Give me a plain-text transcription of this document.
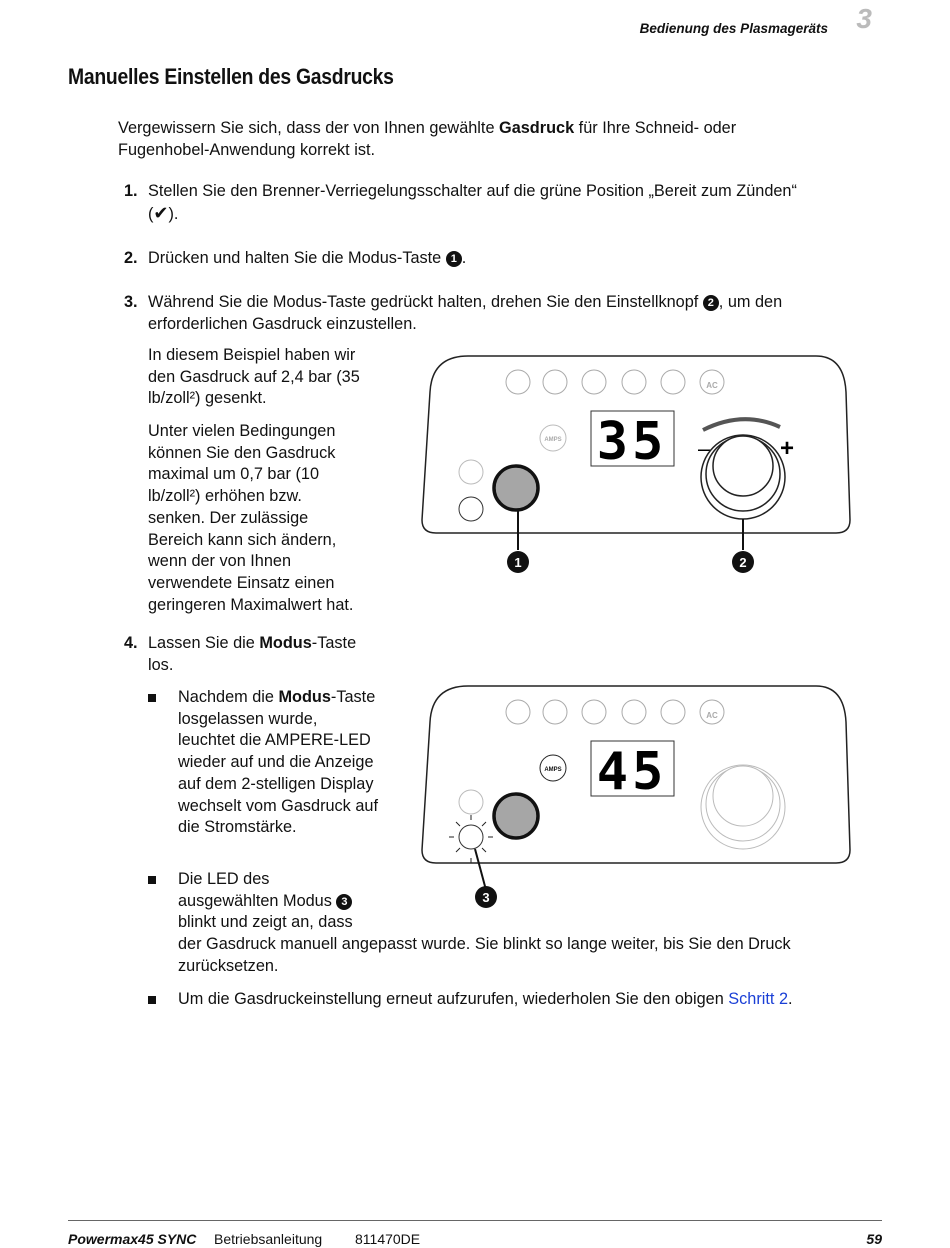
Bedienung des Plasmageräts 3
Manuelles Einstellen des Gasdrucks
Vergewissern Sie sich, dass der von Ihnen gewählte Gasdruck für Ihre Schneid- oder Fugenhobel-Anwendung korrekt ist.
1. Stellen Sie den Brenner-Verriegelungsschalter auf die grüne Position „Bereit zum Zünden“ (✔).
2. Drücken und halten Sie die Modus-Taste 1 .
3. Während Sie die Modus-Taste gedrückt halten, drehen Sie den Einstellknopf 2 , um den erforderlichen Gasdruck einzustellen.
In diesem Beispiel haben wir den Gasdruck auf 2,4 bar (35 lb/zoll²) gesenkt.
Unter vielen Bedingungen können Sie den Gasdruck maximal um 0,7 bar (10 lb/zoll²) erhöhen bzw. senken. Der zulässige Bereich kann sich ändern, wenn der von Ihnen verwendete Einsatz einen geringeren Maximalwert hat.
AC
AMPS 35 –	+
1	2
4. Lassen Sie die Modus-Taste los.
Nachdem die Modus-Taste losgelassen wurde, leuchtet die AMPERE-LED wieder auf und die Anzeige auf dem 2-stelligen Display wechselt vom Gasdruck auf die Stromstärke.
Die LED des ausgewählten Modus 3 blinkt und zeigt an, dass der Gasdruck manuell angepasst wurde. Sie blinkt so lange weiter, bis Sie den Druck zurücksetzen.
Um die Gasdruckeinstellung erneut aufzurufen, wiederholen Sie den obigen Schritt 2.
AC
AMPS 45
3
Powermax45 SYNC Betriebsanleitung 811470DE	59
